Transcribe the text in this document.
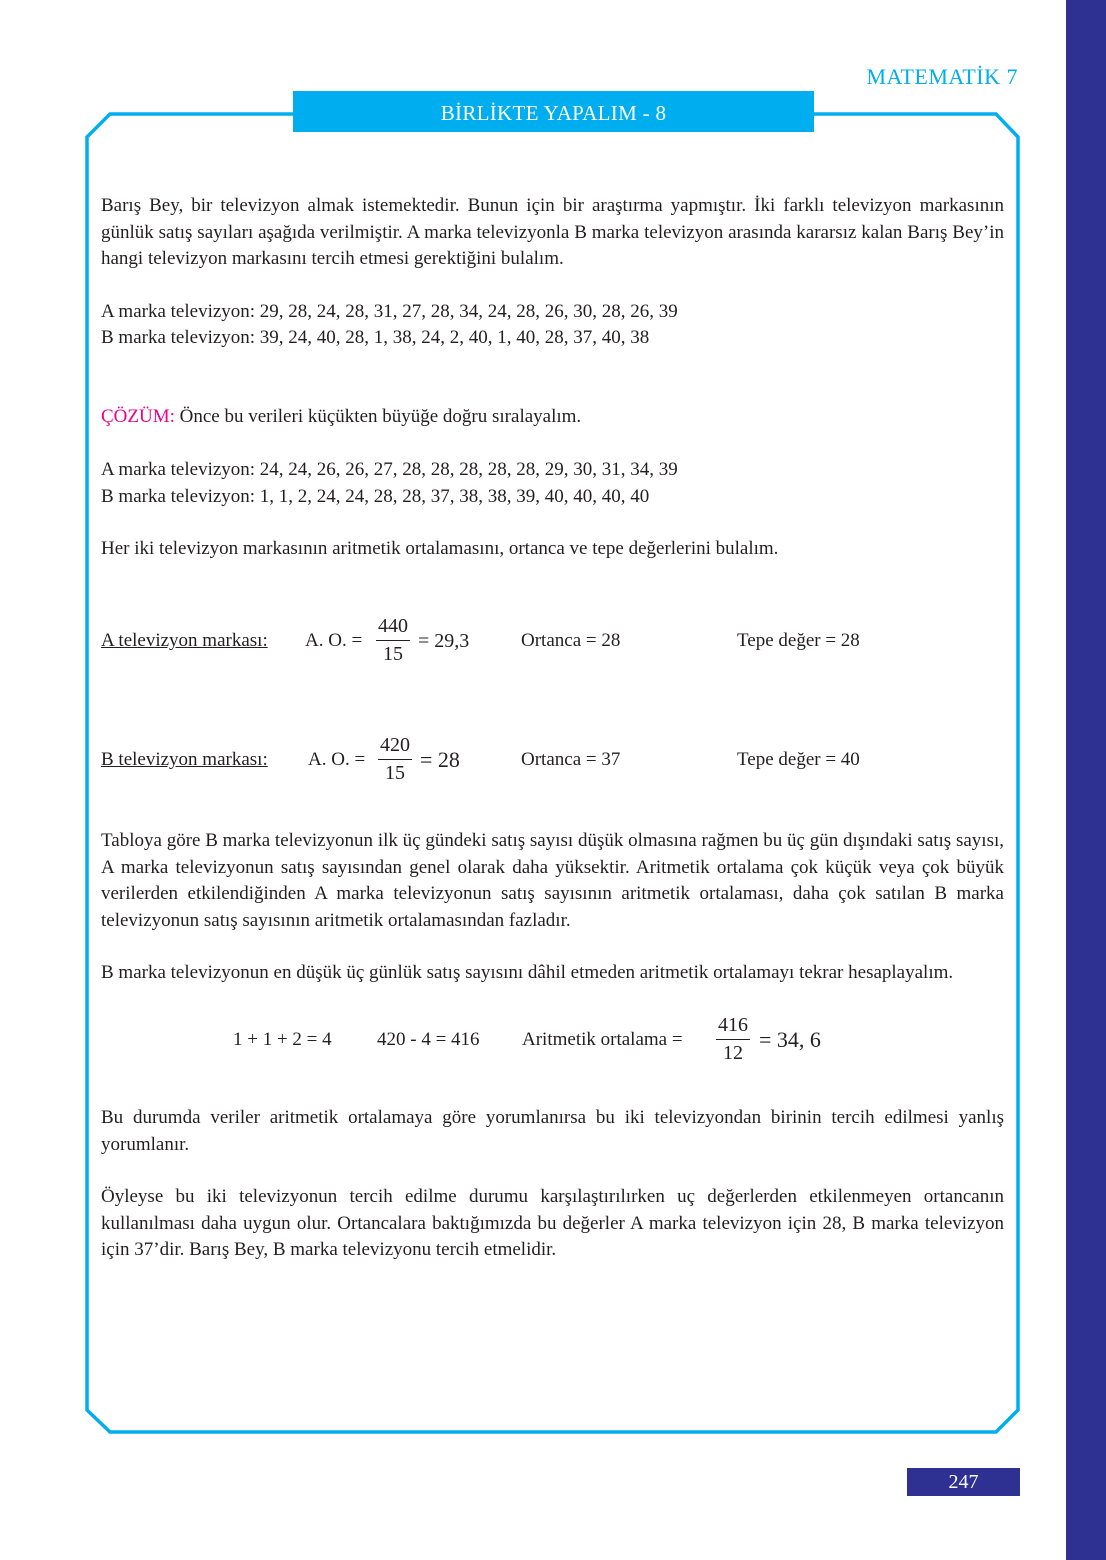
MATEMATİK 7
BİRLİKTE YAPALIM - 8
Barış Bey, bir televizyon almak istemektedir. Bunun için bir araştırma yapmıştır. İki farklı televizyon markasının günlük satış sayıları aşağıda verilmiştir. A marka televizyonla B marka televizyon arasında kararsız kalan Barış Bey’in hangi televizyon markasını tercih etmesi gerektiğini bulalım.
A marka televizyon: 29, 28, 24, 28, 31, 27, 28, 34, 24, 28, 26, 30, 28, 26, 39
B marka televizyon: 39, 24, 40, 28, 1, 38, 24, 2, 40, 1, 40, 28, 37, 40, 38
ÇÖZÜM: Önce bu verileri küçükten büyüğe doğru sıralayalım.
A marka televizyon: 24, 24, 26, 26, 27, 28, 28, 28, 28, 28, 29, 30, 31, 34, 39
B marka televizyon: 1, 1, 2, 24, 24, 28, 28, 37, 38, 38, 39, 40, 40, 40, 40
Her iki televizyon markasının aritmetik ortalamasını, ortanca ve tepe değerlerini bulalım.
A televizyon markası: A. O. = $\frac{440}{15} = 29,3$	Ortanca = 28	Tepe değer = 28
B televizyon markası: A. O. = $\frac{420}{15} = 28$	Ortanca = 37	Tepe değer = 40
Tabloya göre B marka televizyonun ilk üç gündeki satış sayısı düşük olmasına rağmen bu üç gün dışındaki satış sayısı, A marka televizyonun satış sayısından genel olarak daha yüksektir. Aritmetik ortalama çok küçük veya çok büyük verilerden etkilendiğinden A marka televizyonun satış sayısının aritmetik ortalaması, daha çok satılan B marka televizyonun satış sayısının aritmetik ortalamasından fazladır.
B marka televizyonun en düşük üç günlük satış sayısını dâhil etmeden aritmetik ortalamayı tekrar hesaplayalım.
1 + 1 + 2 = 4 420 - 4 = 416 Aritmetik ortalama = $\frac{416}{12} = 34$, 6
Bu durumda veriler aritmetik ortalamaya göre yorumlanırsa bu iki televizyondan birinin tercih edilmesi yanlış yorumlanır.
Öyleyse bu iki televizyonun tercih edilme durumu karşılaştırılırken uç değerlerden etkilenmeyen ortancanın kullanılması daha uygun olur. Ortancalara baktığımızda bu değerler A marka televizyon için 28, B marka televizyon için 37’dir. Barış Bey, B marka televizyonu tercih etmelidir.
247
